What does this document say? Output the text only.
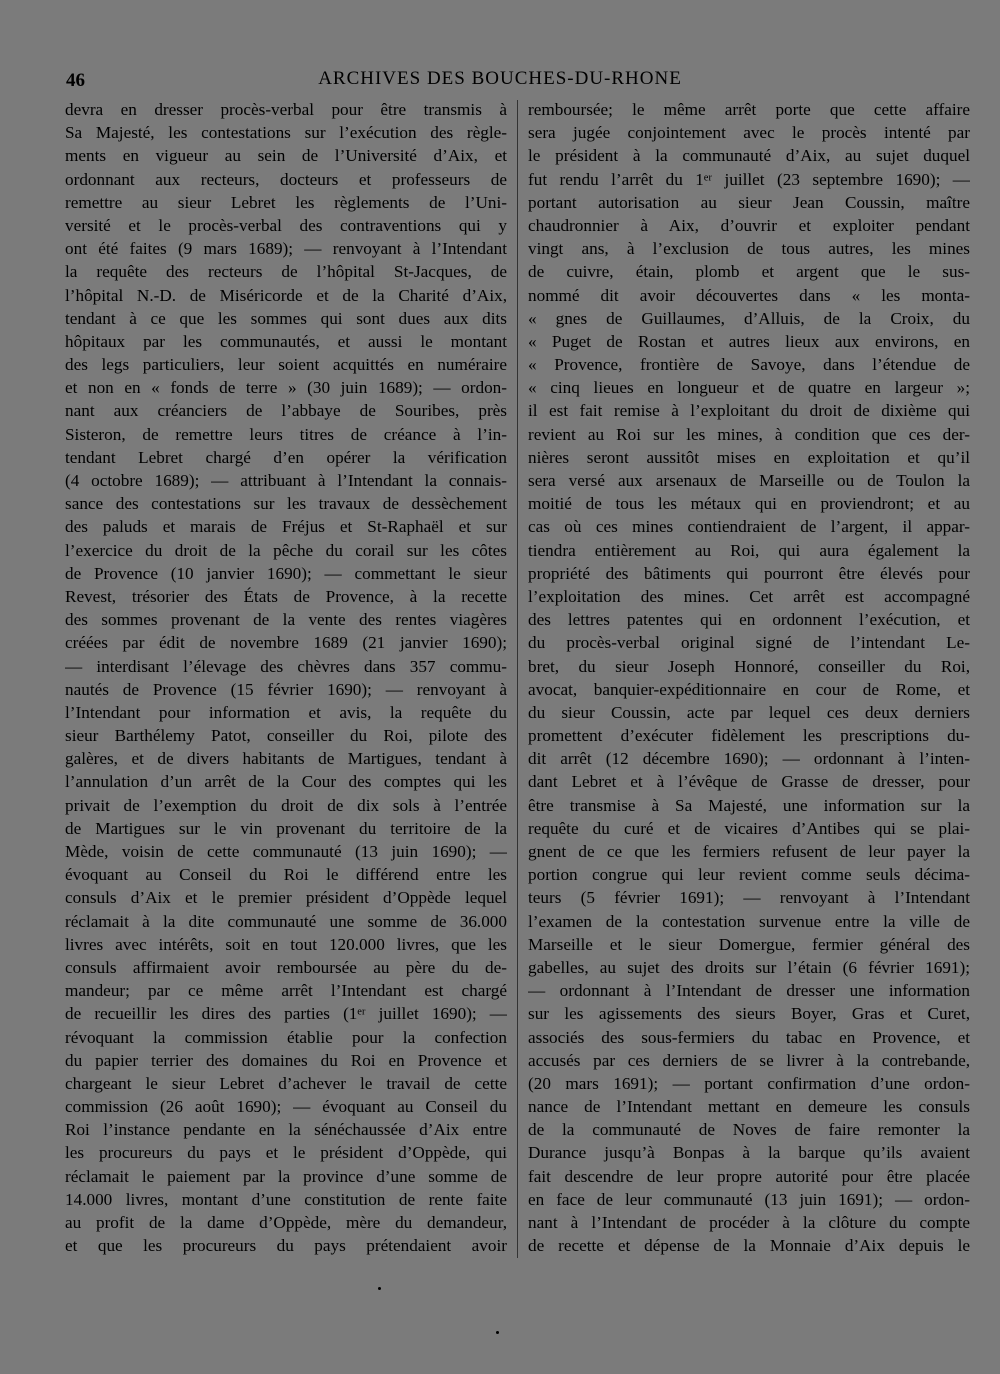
46	ARCHIVES DES BOUCHES-DU-RHONE
devra en dresser procès-verbal pour être transmis à
Sa Majesté, les contestations sur l’exécution des règle-
ments en vigueur au sein de l’Université d’Aix, et
ordonnant aux recteurs, docteurs et professeurs de
remettre au sieur Lebret les règlements de l’Uni-
versité et le procès-verbal des contraventions qui y
ont été faites (9 mars 1689); — renvoyant à l’Intendant
la requête des recteurs de l’hôpital St-Jacques, de
l’hôpital N.-D. de Miséricorde et de la Charité d’Aix,
tendant à ce que les sommes qui sont dues aux dits
hôpitaux par les communautés, et aussi le montant
des legs particuliers, leur soient acquittés en numéraire
et non en « fonds de terre » (30 juin 1689); — ordon-
nant aux créanciers de l’abbaye de Souribes, près
Sisteron, de remettre leurs titres de créance à l’in-
tendant Lebret chargé d’en opérer la vérification
(4 octobre 1689); — attribuant à l’Intendant la connais-
sance des contestations sur les travaux de dessèchement
des paluds et marais de Fréjus et St-Raphaël et sur
l’exercice du droit de la pêche du corail sur les côtes
de Provence (10 janvier 1690); — commettant le sieur
Revest, trésorier des États de Provence, à la recette
des sommes provenant de la vente des rentes viagères
créées par édit de novembre 1689 (21 janvier 1690);
— interdisant l’élevage des chèvres dans 357 commu-
nautés de Provence (15 février 1690); — renvoyant à
l’Intendant pour information et avis, la requête du
sieur Barthélemy Patot, conseiller du Roi, pilote des
galères, et de divers habitants de Martigues, tendant à
l’annulation d’un arrêt de la Cour des comptes qui les
privait de l’exemption du droit de dix sols à l’entrée
de Martigues sur le vin provenant du territoire de la
Mède, voisin de cette communauté (13 juin 1690); —
évoquant au Conseil du Roi le différend entre les
consuls d’Aix et le premier président d’Oppède lequel
réclamait à la dite communauté une somme de 36.000
livres avec intérêts, soit en tout 120.000 livres, que les
consuls affirmaient avoir remboursée au père du de-
mandeur; par ce même arrêt l’Intendant est chargé
de recueillir les dires des parties (1ᵉʳ juillet 1690); —
révoquant la commission établie pour la confection
du papier terrier des domaines du Roi en Provence et
chargeant le sieur Lebret d’achever le travail de cette
commission (26 août 1690); — évoquant au Conseil du
Roi l’instance pendante en la sénéchaussée d’Aix entre
les procureurs du pays et le président d’Oppède, qui
réclamait le paiement par la province d’une somme de
14.000 livres, montant d’une constitution de rente faite
au profit de la dame d’Oppède, mère du demandeur,
et que les procureurs du pays prétendaient avoir
remboursée; le même arrêt porte que cette affaire
sera jugée conjointement avec le procès intenté par
le président à la communauté d’Aix, au sujet duquel
fut rendu l’arrêt du 1ᵉʳ juillet (23 septembre 1690); —
portant autorisation au sieur Jean Coussin, maître
chaudronnier à Aix, d’ouvrir et exploiter pendant
vingt ans, à l’exclusion de tous autres, les mines
de cuivre, étain, plomb et argent que le sus-
nommé dit avoir découvertes dans « les monta-
« gnes de Guillaumes, d’Alluis, de la Croix, du
« Puget de Rostan et autres lieux aux environs, en
« Provence, frontière de Savoye, dans l’étendue de
« cinq lieues en longueur et de quatre en largeur »;
il est fait remise à l’exploitant du droit de dixième qui
revient au Roi sur les mines, à condition que ces der-
nières seront aussitôt mises en exploitation et qu’il
sera versé aux arsenaux de Marseille ou de Toulon la
moitié de tous les métaux qui en proviendront; et au
cas où ces mines contiendraient de l’argent, il appar-
tiendra entièrement au Roi, qui aura également la
propriété des bâtiments qui pourront être élevés pour
l’exploitation des mines. Cet arrêt est accompagné
des lettres patentes qui en ordonnent l’exécution, et
du procès-verbal original signé de l’intendant Le-
bret, du sieur Joseph Honnoré, conseiller du Roi,
avocat, banquier-expéditionnaire en cour de Rome, et
du sieur Coussin, acte par lequel ces deux derniers
promettent d’exécuter fidèlement les prescriptions du-
dit arrêt (12 décembre 1690); — ordonnant à l’inten-
dant Lebret et à l’évêque de Grasse de dresser, pour
être transmise à Sa Majesté, une information sur la
requête du curé et de vicaires d’Antibes qui se plai-
gnent de ce que les fermiers refusent de leur payer la
portion congrue qui leur revient comme seuls décima-
teurs (5 février 1691); — renvoyant à l’Intendant
l’examen de la contestation survenue entre la ville de
Marseille et le sieur Domergue, fermier général des
gabelles, au sujet des droits sur l’étain (6 février 1691);
— ordonnant à l’Intendant de dresser une information
sur les agissements des sieurs Boyer, Gras et Curet,
associés des sous-fermiers du tabac en Provence, et
accusés par ces derniers de se livrer à la contrebande,
(20 mars 1691); — portant confirmation d’une ordon-
nance de l’Intendant mettant en demeure les consuls
de la communauté de Noves de faire remonter la
Durance jusqu’à Bonpas à la barque qu’ils avaient
fait descendre de leur propre autorité pour être placée
en face de leur communauté (13 juin 1691); — ordon-
nant à l’Intendant de procéder à la clôture du compte
de recette et dépense de la Monnaie d’Aix depuis le
